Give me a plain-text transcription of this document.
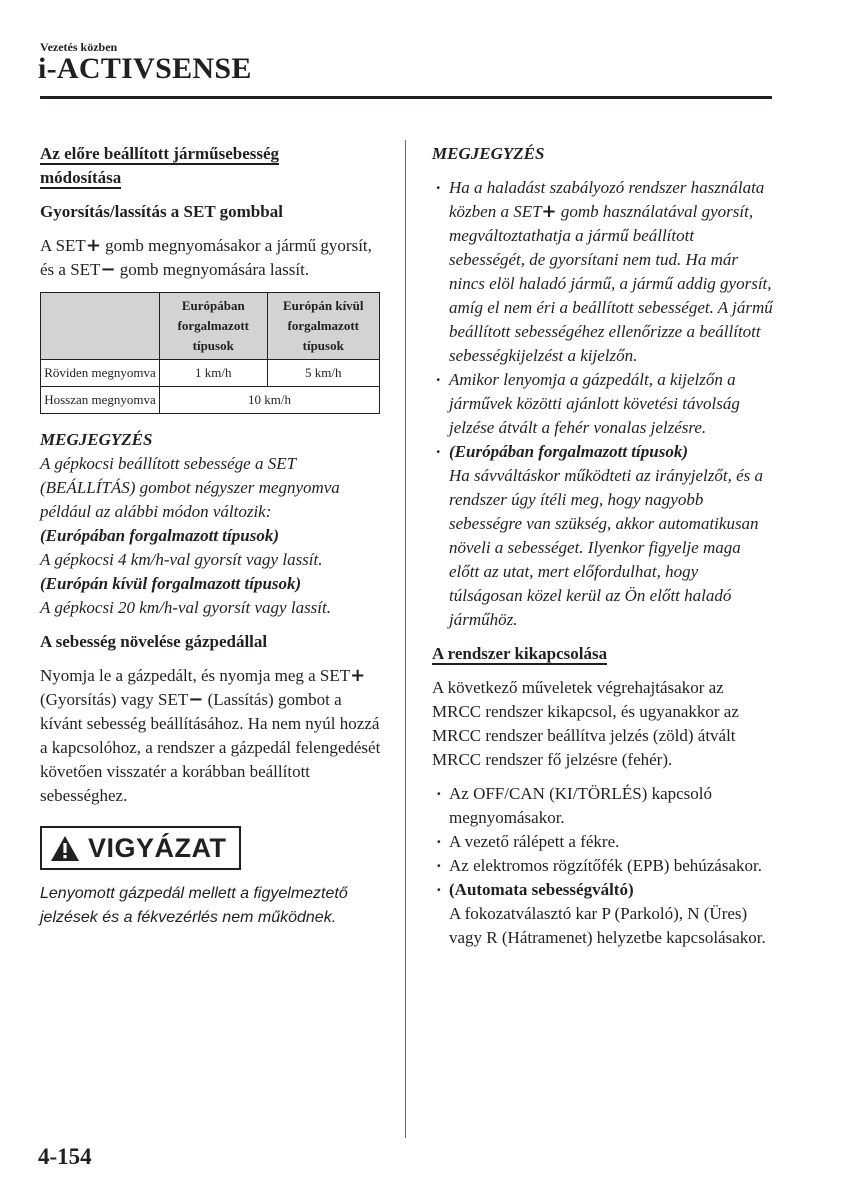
Vezetés közben
i-ACTIVSENSE
Az előre beállított járműsebesség módosítása
Gyorsítás/lassítás a SET gombbal

A SET+ gomb megnyomásakor a jármű gyorsít, és a SET− gomb megnyomására lassít.

	Európában forgalmazott típusok	Európán kívül forgalmazott típusok
Röviden megnyomva	1 km/h	5 km/h
Hosszan megnyomva	10 km/h	
MEGJEGYZÉS
A gépkocsi beállított sebessége a SET (BEÁLLÍTÁS) gombot négyszer megnyomva például az alábbi módon változik:
(Európában forgalmazott típusok)
A gépkocsi 4 km/h-val gyorsít vagy lassít.
(Európán kívül forgalmazott típusok)
A gépkocsi 20 km/h-val gyorsít vagy lassít.
A sebesség növelése gázpedállal

Nyomja le a gázpedált, és nyomja meg a SET+ (Gyorsítás) vagy SET− (Lassítás) gombot a kívánt sebesség beállításához. Ha nem nyúl hozzá a kapcsolóhoz, a rendszer a gázpedál felengedését követően visszatér a korábban beállított sebességhez.

VIGYÁZAT

Lenyomott gázpedál mellett a figyelmeztető jelzések és a fékvezérlés nem működnek.

MEGJEGYZÉS
· Ha a haladást szabályozó rendszer használata közben a SET+ gomb használatával gyorsít, megváltoztathatja a jármű beállított sebességét, de gyorsítani nem tud. Ha már nincs elöl haladó jármű, a jármű addig gyorsít, amíg el nem éri a beállított sebességet. A jármű beállított sebességéhez ellenőrizze a beállított sebességkijelzést a kijelzőn.
· Amikor lenyomja a gázpedált, a kijelzőn a járművek közötti ajánlott követési távolság jelzése átvált a fehér vonalas jelzésre.
· (Európában forgalmazott típusok)
Ha sávváltáskor működteti az irányjelzőt, és a rendszer úgy ítéli meg, hogy nagyobb sebességre van szükség, akkor automatikusan növeli a sebességet. Ilyenkor figyelje maga előtt az utat, mert előfordulhat, hogy túlságosan közel kerül az Ön előtt haladó járműhöz.
A rendszer kikapcsolása

A következő műveletek végrehajtásakor az MRCC rendszer kikapcsol, és ugyanakkor az MRCC rendszer beállítva jelzés (zöld) átvált MRCC rendszer fő jelzésre (fehér).

· Az OFF/CAN (KI/TÖRLÉS) kapcsoló megnyomásakor.
· A vezető rálépett a fékre.
· Az elektromos rögzítőfék (EPB) behúzásakor.
· (Automata sebességváltó)
A fokozatválasztó kar P (Parkoló), N (Üres) vagy R (Hátramenet) helyzetbe kapcsolásakor.
4-154
